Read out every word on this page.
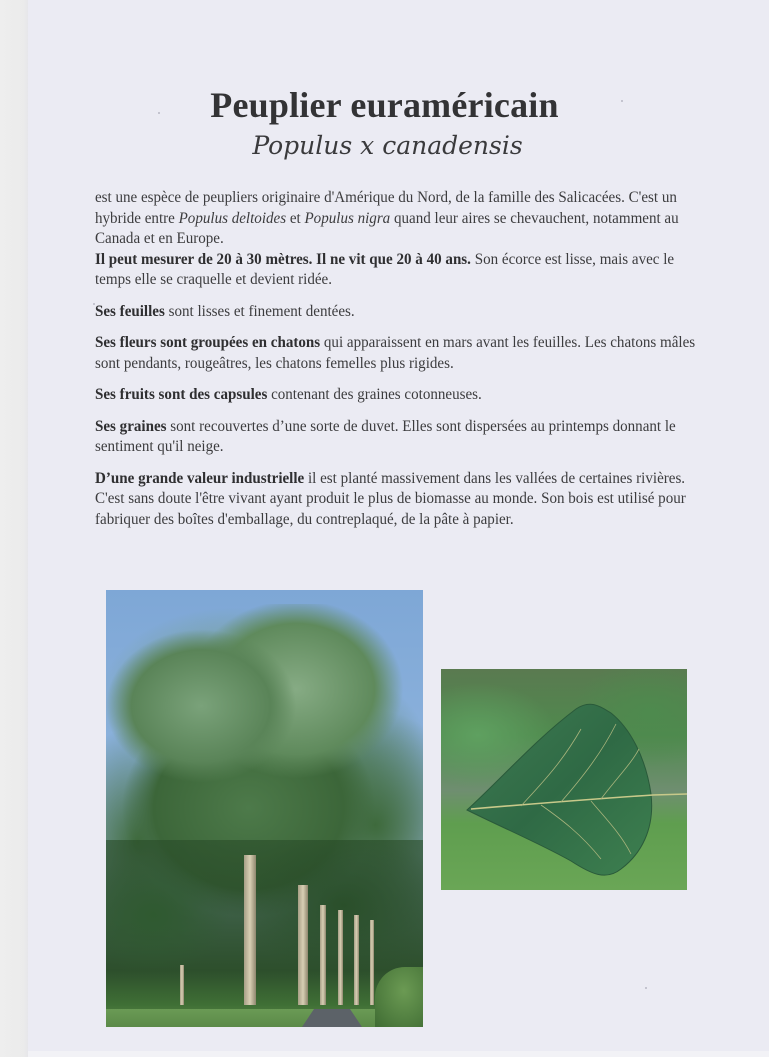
Peuplier euraméricain
Populus x canadensis

est une espèce de peupliers originaire d'Amérique du Nord, de la famille des Salicacées. C'est un hybride entre Populus deltoides et Populus nigra quand leur aires se chevauchent, notamment au Canada et en Europe.

Il peut mesurer de 20 à 30 mètres. Il ne vit que 20 à 40 ans. Son écorce est lisse, mais avec le temps elle se craquelle et devient ridée.

Ses feuilles sont lisses et finement dentées.

Ses fleurs sont groupées en chatons qui apparaissent en mars avant les feuilles. Les chatons mâles sont pendants, rougeâtres, les chatons femelles plus rigides.

Ses fruits sont des capsules contenant des graines cotonneuses.

Ses graines sont recouvertes d’une sorte de duvet. Elles sont dispersées au printemps donnant le sentiment qu'il neige.

D’une grande valeur industrielle il est planté massivement dans les vallées de certaines rivières. C'est sans doute l'être vivant ayant produit le plus de biomasse au monde. Son bois est utilisé pour fabriquer des boîtes d'emballage, du contreplaqué, de la pâte à papier.
